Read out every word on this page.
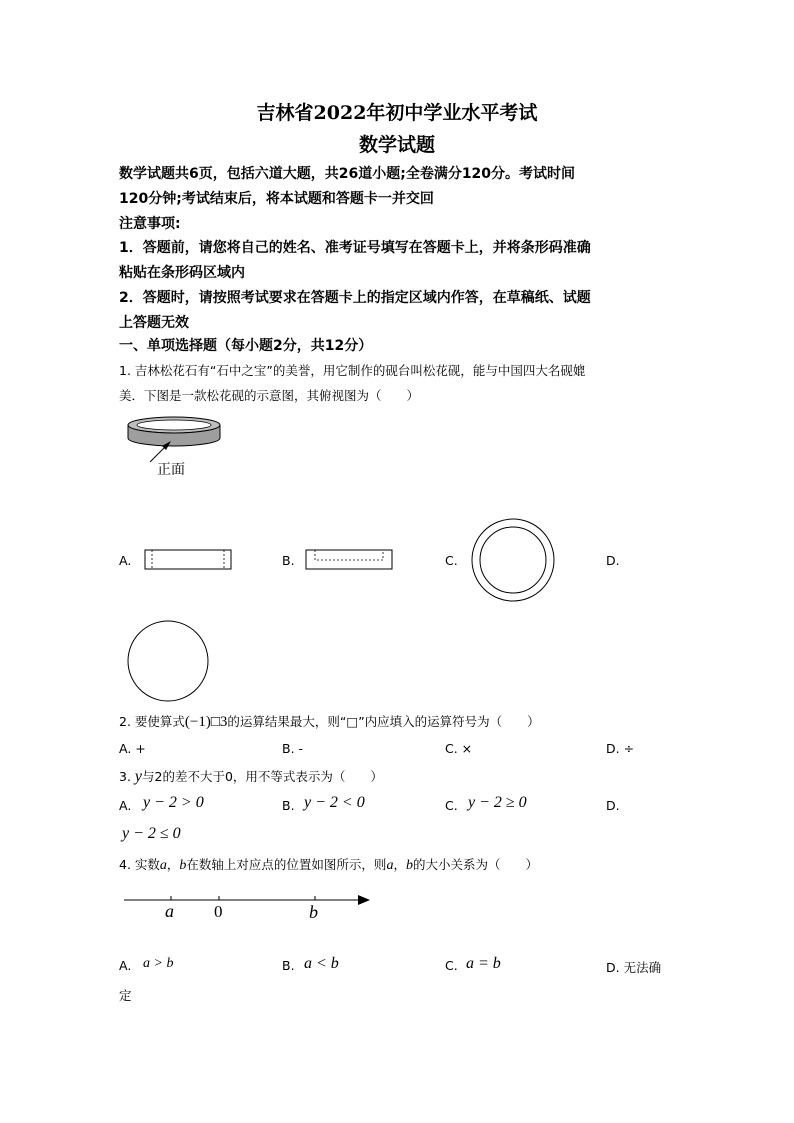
吉林省2022年初中学业水平考试
数学试题
数学试题共6页，包括六道大题，共26道小题;全卷满分120分。考试时间
120分钟;考试结束后，将本试题和答题卡一并交回
注意事项:
1．答题前，请您将自己的姓名、准考证号填写在答题卡上，并将条形码准确
粘贴在条形码区域内
2．答题时，请按照考试要求在答题卡上的指定区域内作答，在草稿纸、试题
上答题无效
一、单项选择题（每小题2分，共12分）
1. 吉林松花石有“石中之宝”的美誉，用它制作的砚台叫松花砚，能与中国四大名砚媲
美．下图是一款松花砚的示意图，其俯视图为（　　）
正面
A.	B.	C.	D.
2. 要使算式(−1)□3的运算结果最大，则“□”内应填入的运算符号为（　　）
A. +	B. -	C. ×	D. ÷
3. y与2的差不大于0，用不等式表示为（　　）
A. y − 2 > 0	B. y − 2 < 0	C. y − 2 ≥ 0	D.
y − 2 ≤ 0
4. 实数a，b在数轴上对应点的位置如图所示，则a，b的大小关系为（　　）
a 0	b
A. a > b	B. a < b	C. a = b	D. 无法确
定
